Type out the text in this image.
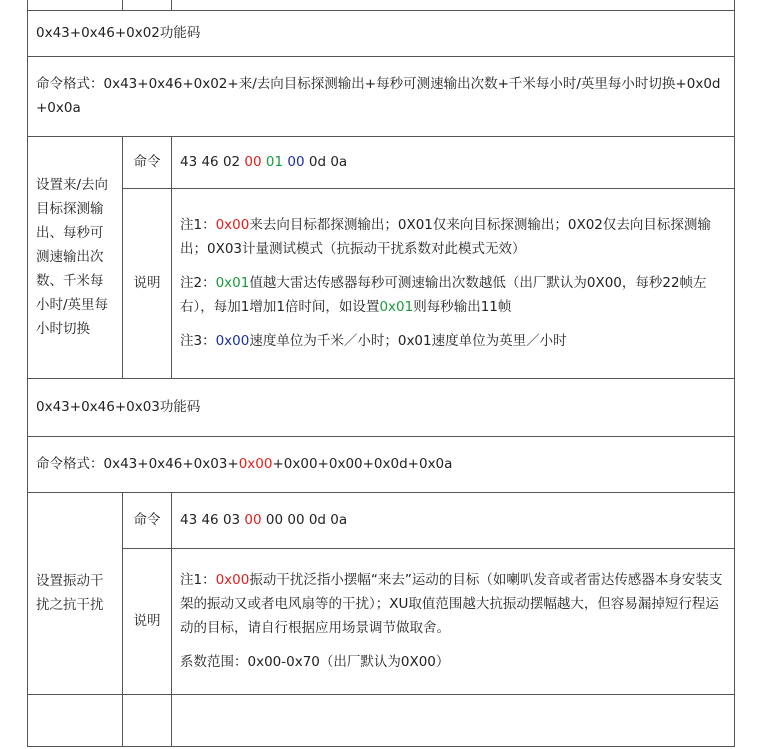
0x43+0x46+0x02功能码		
命令格式：0x43+0x46+0x02+来/去向目标探测输出+每秒可测速输出次数+千米每小时/英里每小时切换+0x0d+0x0a		
设置来/去向目标探测输出、每秒可测速输出次数、千米每小时/英里每小时切换	命令	43 46 02 00 01 00 0d 0a
	说明	注1：0x00来去向目标都探测输出；0X01仅来向目标探测输出；0X02仅去向目标探测输出；0X03计量测试模式（抗振动干扰系数对此模式无效）

注2：0x01值越大雷达传感器每秒可测速输出次数越低（出厂默认为0X00，每秒22帧左右），每加1增加1倍时间，如设置0x01则每秒输出11帧

注3：0x00速度单位为千米／小时；0x01速度单位为英里／小时

0x43+0x46+0x03功能码		
命令格式：0x43+0x46+0x03+0x00+0x00+0x00+0x0d+0x0a		
设置振动干扰之抗干扰	命令	43 46 03 00 00 00 0d 0a
	说明	注1：0x00振动干扰泛指小摆幅“来去”运动的目标（如喇叭发音或者雷达传感器本身安装支架的振动又或者电风扇等的干扰）；XU取值范围越大抗振动摆幅越大，但容易漏掉短行程运动的目标，请自行根据应用场景调节做取舍。

系数范围：0x00-0x70（出厂默认为0X00）
